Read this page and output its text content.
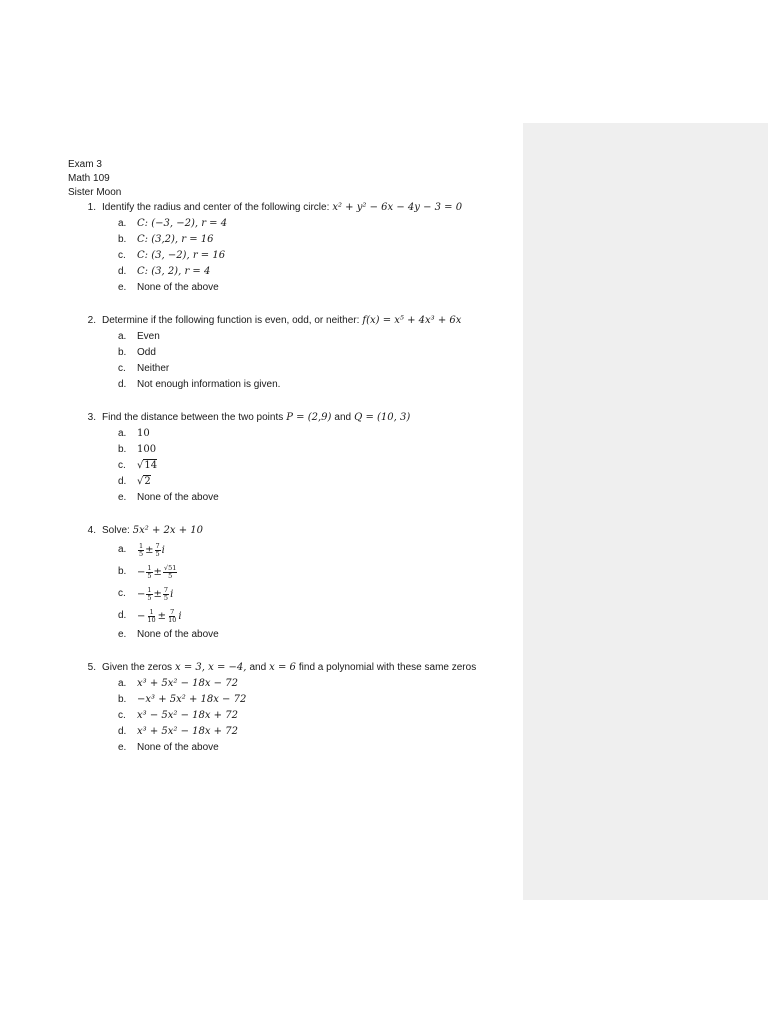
Exam 3
Math 109
Sister Moon
1. Identify the radius and center of the following circle: x² + y² − 6x − 4y − 3 = 0
a.	C: (−3, −2), r = 4
b.	C: (3,2), r = 16
c.	C: (3, −2), r = 16
d.	C: (3, 2), r = 4
e.	None of the above
2. Determine if the following function is even, odd, or neither: f(x) = x⁵ + 4x³ + 6x
a.	Even
b.	Odd
c.	Neither
d.	Not enough information is given.
3. Find the distance between the two points P = (2,9) and Q = (10, 3)
a.	10
b.	100
c.	√14
d.	√2
e.	None of the above
4. Solve: 5x² + 2x + 10
a.	$\frac{1}{5} \pm \frac{7}{5}$ i
b.	− $\frac{1}{5} \pm \frac{√51}{5}$
c.	− $\frac{1}{5} \pm \frac{7}{5}$ i
d.	− $\frac{1}{10} \pm \frac{7}{10}$ i
e.	None of the above
5. Given the zeros x = 3, x = −4, and x = 6 find a polynomial with these same zeros
a.	x³ + 5x² − 18x − 72
b.	−x³ + 5x² + 18x − 72
c.	x³ − 5x² − 18x + 72
d.	x³ + 5x² − 18x + 72
e.	None of the above
